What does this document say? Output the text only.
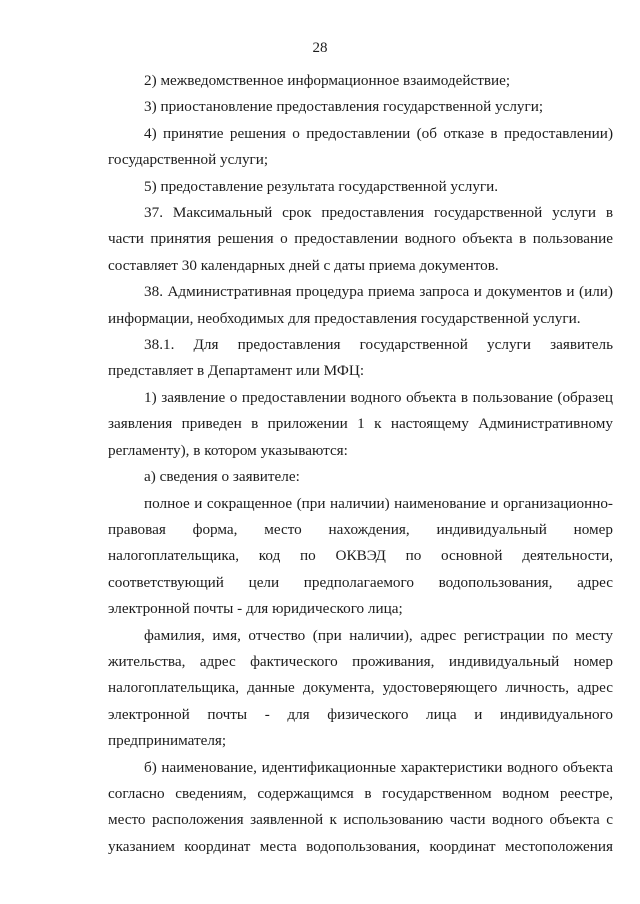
28

2) межведомственное информационное взаимодействие;

3) приостановление предоставления государственной услуги;

4) принятие решения о предоставлении (об отказе в предоставлении) государственной услуги;

5) предоставление результата государственной услуги.

37. Максимальный срок предоставления государственной услуги в части принятия решения о предоставлении водного объекта в пользование составляет 30 календарных дней с даты приема документов.

38. Административная процедура приема запроса и документов и (или) информации, необходимых для предоставления государственной услуги.

38.1. Для предоставления государственной услуги заявитель представляет в Департамент или МФЦ:

1) заявление о предоставлении водного объекта в пользование (образец заявления приведен в приложении 1 к настоящему Административному регламенту), в котором указываются:

а) сведения о заявителе:

полное и сокращенное (при наличии) наименование и организационно-правовая форма, место нахождения, индивидуальный номер налогоплательщика, код по ОКВЭД по основной деятельности, соответствующий цели предполагаемого водопользования, адрес электронной почты - для юридического лица;

фамилия, имя, отчество (при наличии), адрес регистрации по месту жительства, адрес фактического проживания, индивидуальный номер налогоплательщика, данные документа, удостоверяющего личность, адрес электронной почты - для физического лица и индивидуального предпринимателя;

б) наименование, идентификационные характеристики водного объекта согласно сведениям, содержащимся в государственном водном реестре, место расположения заявленной к использованию части водного объекта с указанием координат места водопользования, координат местоположения
